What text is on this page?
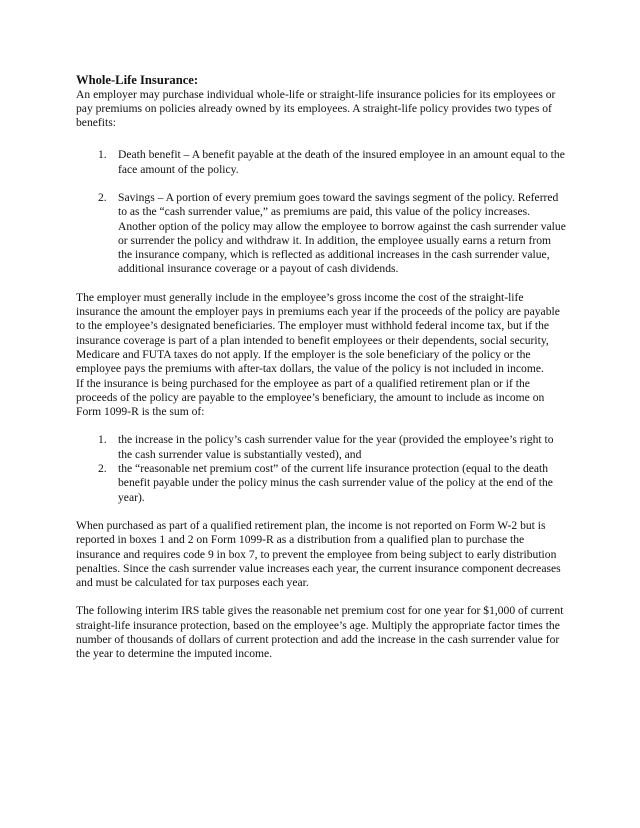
Whole-Life Insurance:

An employer may purchase individual whole-life or straight-life insurance policies for its employees or pay premiums on policies already owned by its employees. A straight-life policy provides two types of benefits:

1. Death benefit – A benefit payable at the death of the insured employee in an amount equal to the face amount of the policy.
2. Savings – A portion of every premium goes toward the savings segment of the policy. Referred to as the “cash surrender value,” as premiums are paid, this value of the policy increases. Another option of the policy may allow the employee to borrow against the cash surrender value or surrender the policy and withdraw it. In addition, the employee usually earns a return from the insurance company, which is reflected as additional increases in the cash surrender value, additional insurance coverage or a payout of cash dividends.

The employer must generally include in the employee’s gross income the cost of the straight-life insurance the amount the employer pays in premiums each year if the proceeds of the policy are payable to the employee’s designated beneficiaries. The employer must withhold federal income tax, but if the insurance coverage is part of a plan intended to benefit employees or their dependents, social security, Medicare and FUTA taxes do not apply. If the employer is the sole beneficiary of the policy or the employee pays the premiums with after-tax dollars, the value of the policy is not included in income.

If the insurance is being purchased for the employee as part of a qualified retirement plan or if the proceeds of the policy are payable to the employee’s beneficiary, the amount to include as income on Form 1099-R is the sum of:

1. the increase in the policy’s cash surrender value for the year (provided the employee’s right to the cash surrender value is substantially vested), and
2. the “reasonable net premium cost” of the current life insurance protection (equal to the death benefit payable under the policy minus the cash surrender value of the policy at the end of the year).

When purchased as part of a qualified retirement plan, the income is not reported on Form W-2 but is reported in boxes 1 and 2 on Form 1099-R as a distribution from a qualified plan to purchase the insurance and requires code 9 in box 7, to prevent the employee from being subject to early distribution penalties. Since the cash surrender value increases each year, the current insurance component decreases and must be calculated for tax purposes each year.

The following interim IRS table gives the reasonable net premium cost for one year for $1,000 of current straight-life insurance protection, based on the employee’s age. Multiply the appropriate factor times the number of thousands of dollars of current protection and add the increase in the cash surrender value for the year to determine the imputed income.
